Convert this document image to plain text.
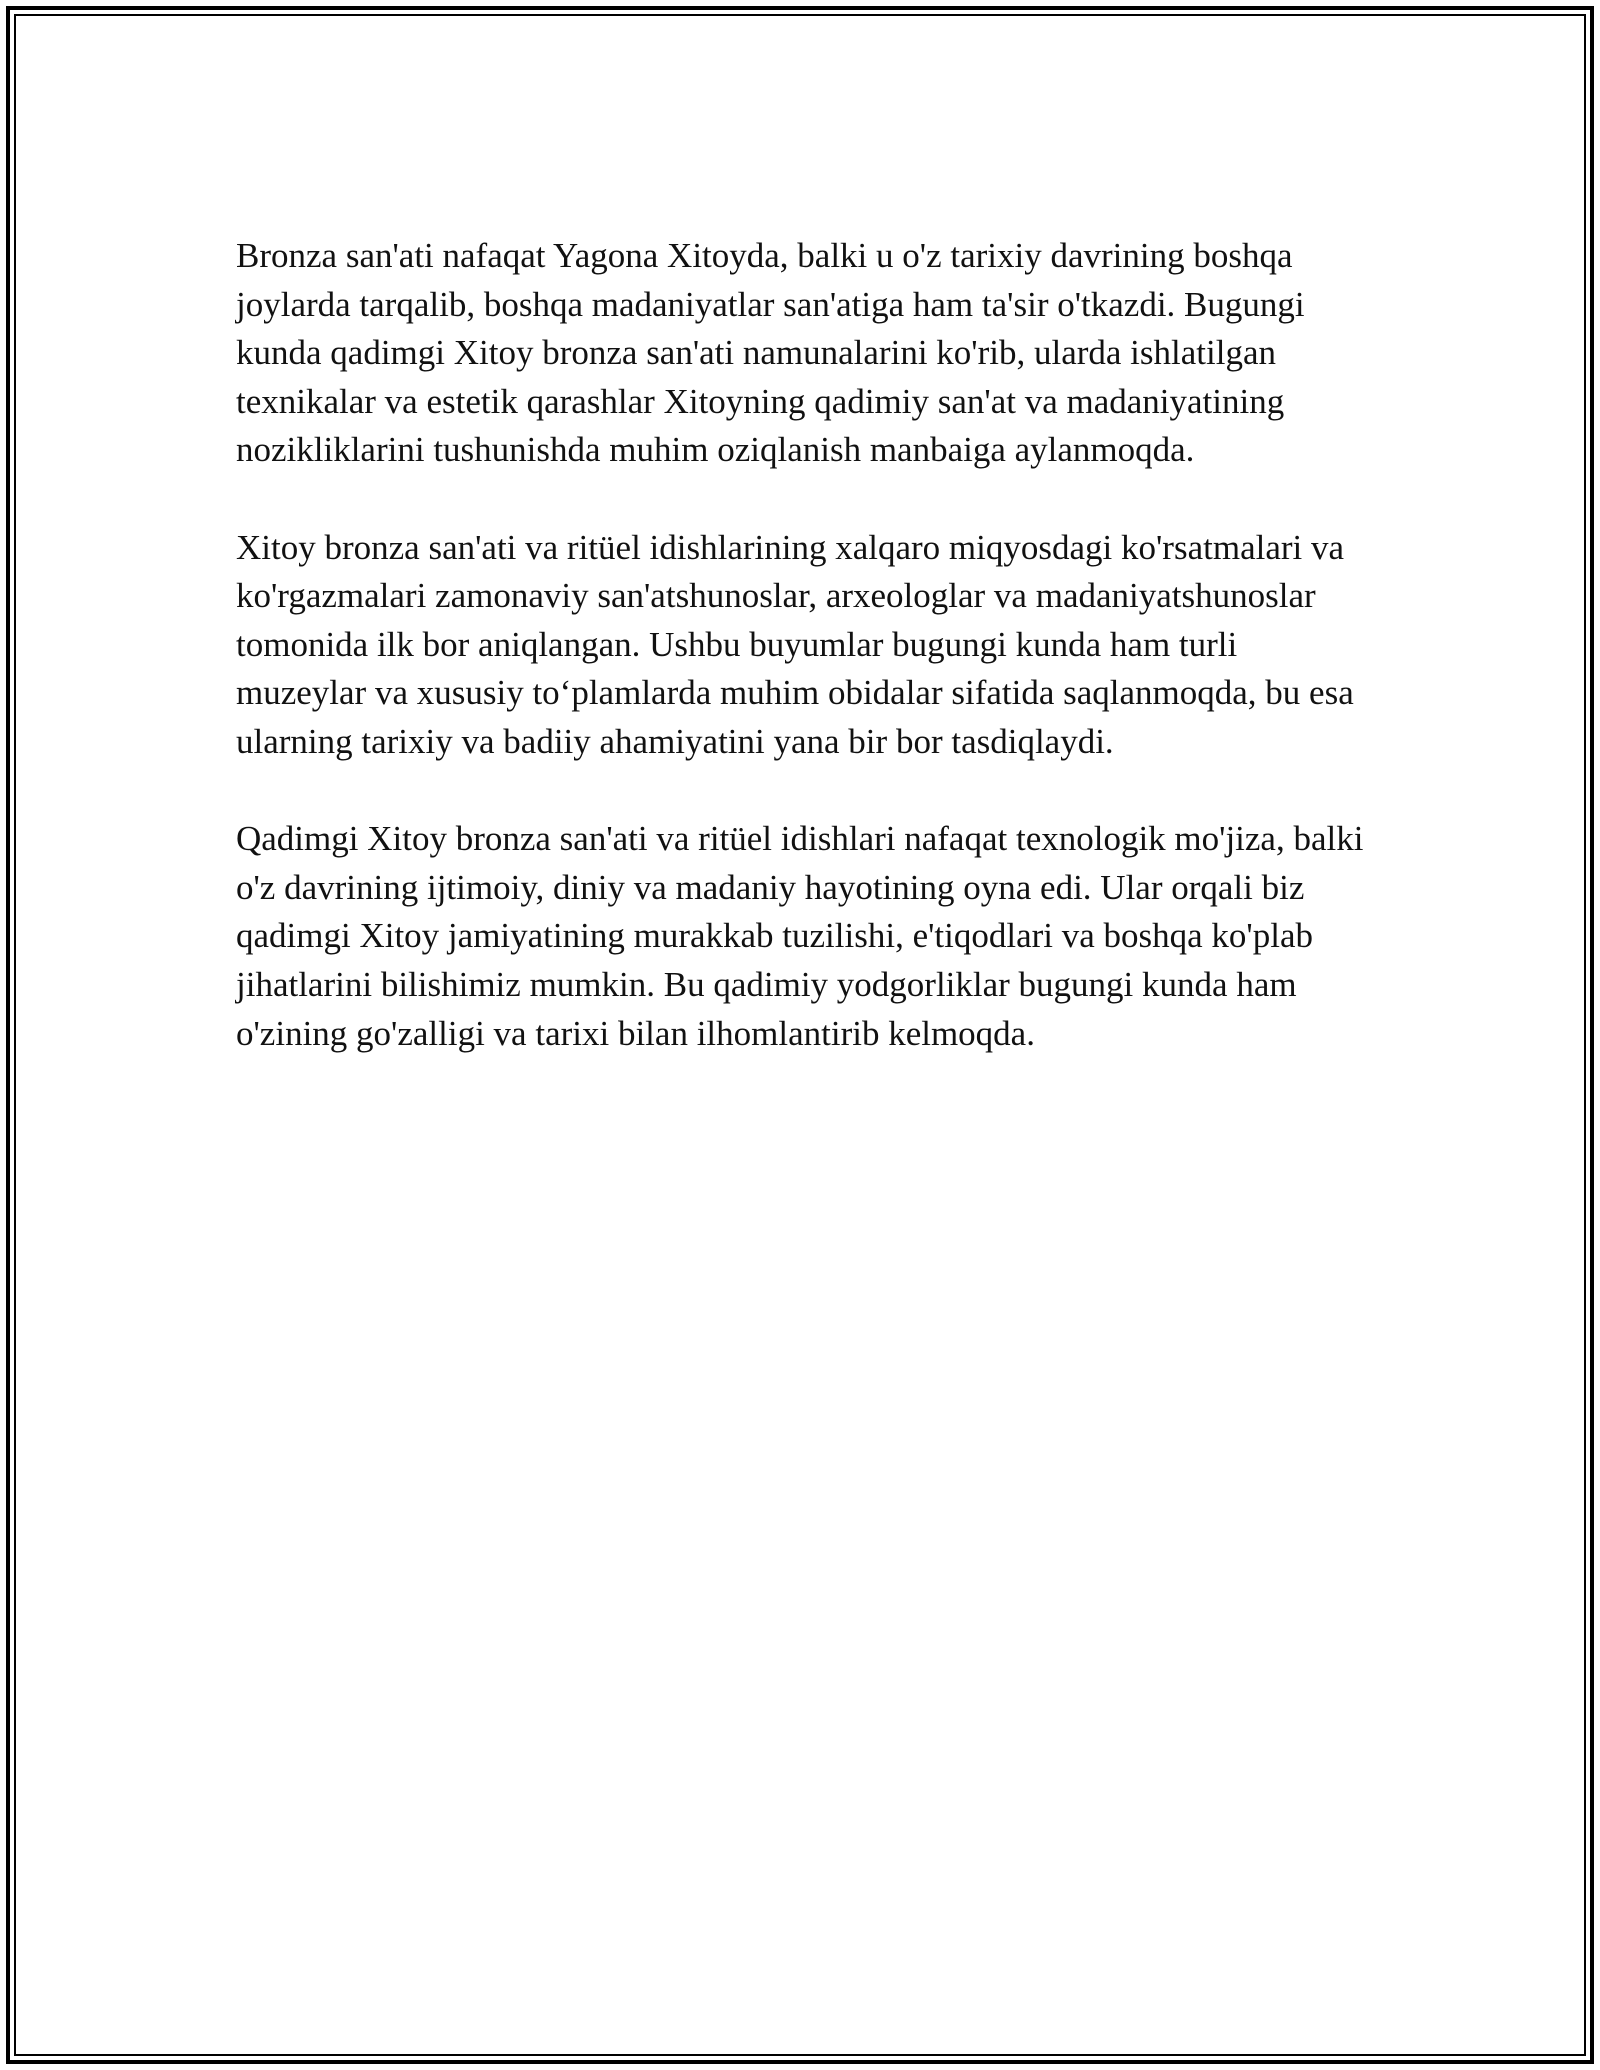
Bronza san'ati nafaqat Yagona Xitoyda, balki u o'z tarixiy davrining boshqa joylarda tarqalib, boshqa madaniyatlar san'atiga ham ta'sir o'tkazdi. Bugungi kunda qadimgi Xitoy bronza san'ati namunalarini ko'rib, ularda ishlatilgan texnikalar va estetik qarashlar Xitoyning qadimiy san'at va madaniyatining nozikliklarini tushunishda muhim oziqlanish manbaiga aylanmoqda.

Xitoy bronza san'ati va ritüel idishlarining xalqaro miqyosdagi ko'rsatmalari va ko'rgazmalari zamonaviy san'atshunoslar, arxeologlar va madaniyatshunoslar tomonida ilk bor aniqlangan. Ushbu buyumlar bugungi kunda ham turli muzeylar va xususiy to‘plamlarda muhim obidalar sifatida saqlanmoqda, bu esa ularning tarixiy va badiiy ahamiyatini yana bir bor tasdiqlaydi.

Qadimgi Xitoy bronza san'ati va ritüel idishlari nafaqat texnologik mo'jiza, balki o'z davrining ijtimoiy, diniy va madaniy hayotining oyna edi. Ular orqali biz qadimgi Xitoy jamiyatining murakkab tuzilishi, e'tiqodlari va boshqa ko'plab jihatlarini bilishimiz mumkin. Bu qadimiy yodgorliklar bugungi kunda ham o'zining go'zalligi va tarixi bilan ilhomlantirib kelmoqda.
